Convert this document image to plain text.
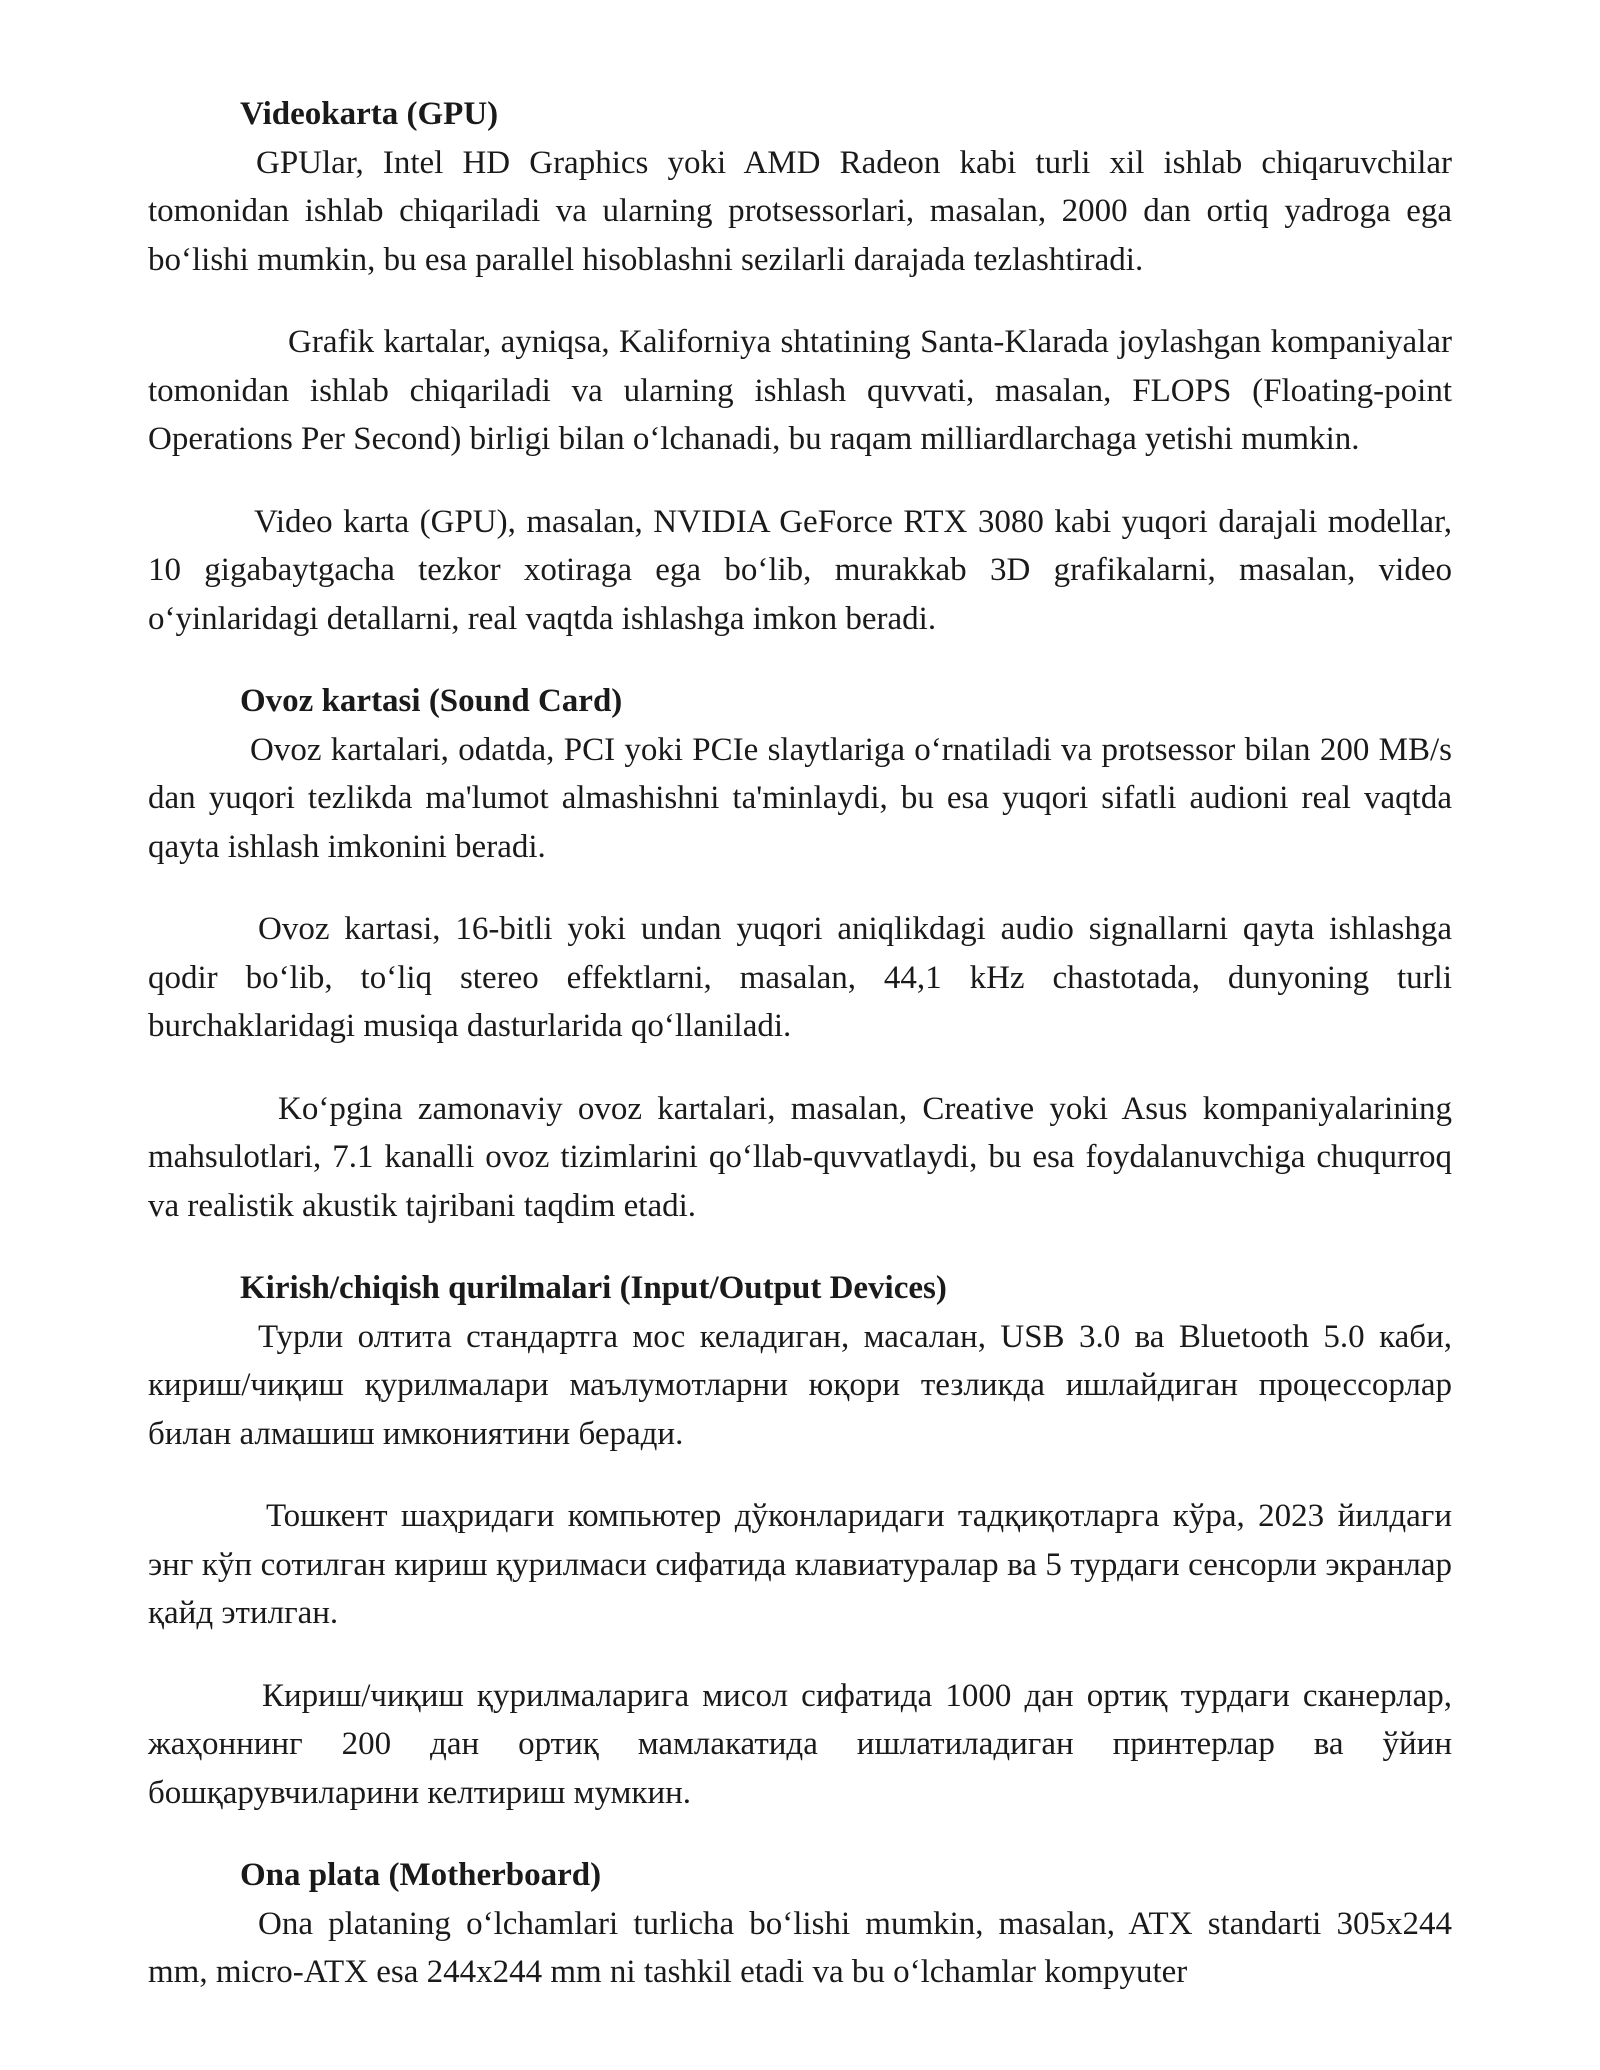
Videokarta (GPU)

GPUlar, Intel HD Graphics yoki AMD Radeon kabi turli xil ishlab chiqaruvchilar tomonidan ishlab chiqariladi va ularning protsessorlari, masalan, 2000 dan ortiq yadroga ega boʻlishi mumkin, bu esa parallel hisoblashni sezilarli darajada tezlashtiradi.

Grafik kartalar, ayniqsa, Kaliforniya shtatining Santa-Klarada joylashgan kompaniyalar tomonidan ishlab chiqariladi va ularning ishlash quvvati, masalan, FLOPS (Floating-point Operations Per Second) birligi bilan oʻlchanadi, bu raqam milliardlarchaga yetishi mumkin.

Video karta (GPU), masalan, NVIDIA GeForce RTX 3080 kabi yuqori darajali modellar, 10 gigabaytgacha tezkor xotiraga ega boʻlib, murakkab 3D grafikalarni, masalan, video oʻyinlaridagi detallarni, real vaqtda ishlashga imkon beradi.

Ovoz kartasi (Sound Card)

Ovoz kartalari, odatda, PCI yoki PCIe slaytlariga oʻrnatiladi va protsessor bilan 200 MB/s dan yuqori tezlikda ma'lumot almashishni ta'minlaydi, bu esa yuqori sifatli audioni real vaqtda qayta ishlash imkonini beradi.

Ovoz kartasi, 16-bitli yoki undan yuqori aniqlikdagi audio signallarni qayta ishlashga qodir boʻlib, toʻliq stereo effektlarni, masalan, 44,1 kHz chastotada, dunyoning turli burchaklaridagi musiqa dasturlarida qoʻllaniladi.

Koʻpgina zamonaviy ovoz kartalari, masalan, Creative yoki Asus kompaniyalarining mahsulotlari, 7.1 kanalli ovoz tizimlarini qoʻllab-quvvatlaydi, bu esa foydalanuvchiga chuqurroq va realistik akustik tajribani taqdim etadi.

Kirish/chiqish qurilmalari (Input/Output Devices)

Турли олтита стандартга мос келадиган, масалан, USB 3.0 ва Bluetooth 5.0 каби, кириш/чиқиш қурилмалари маълумотларни юқори тезликда ишлайдиган процессорлар билан алмашиш имкониятини беради.

Тошкент шаҳридаги компьютер дўконларидаги тадқиқотларга кўра, 2023 йилдаги энг кўп сотилган кириш қурилмаси сифатида клавиатуралар ва 5 турдаги сенсорли экранлар қайд этилган.

Кириш/чиқиш қурилмаларига мисол сифатида 1000 дан ортиқ турдаги сканерлар, жаҳоннинг 200 дан ортиқ мамлакатида ишлатиладиган принтерлар ва ўйин бошқарувчиларини келтириш мумкин.

Ona plata (Motherboard)

Ona plataning oʻlchamlari turlicha boʻlishi mumkin, masalan, ATX standarti 305x244 mm, micro-ATX esa 244x244 mm ni tashkil etadi va bu oʻlchamlar kompyuter
